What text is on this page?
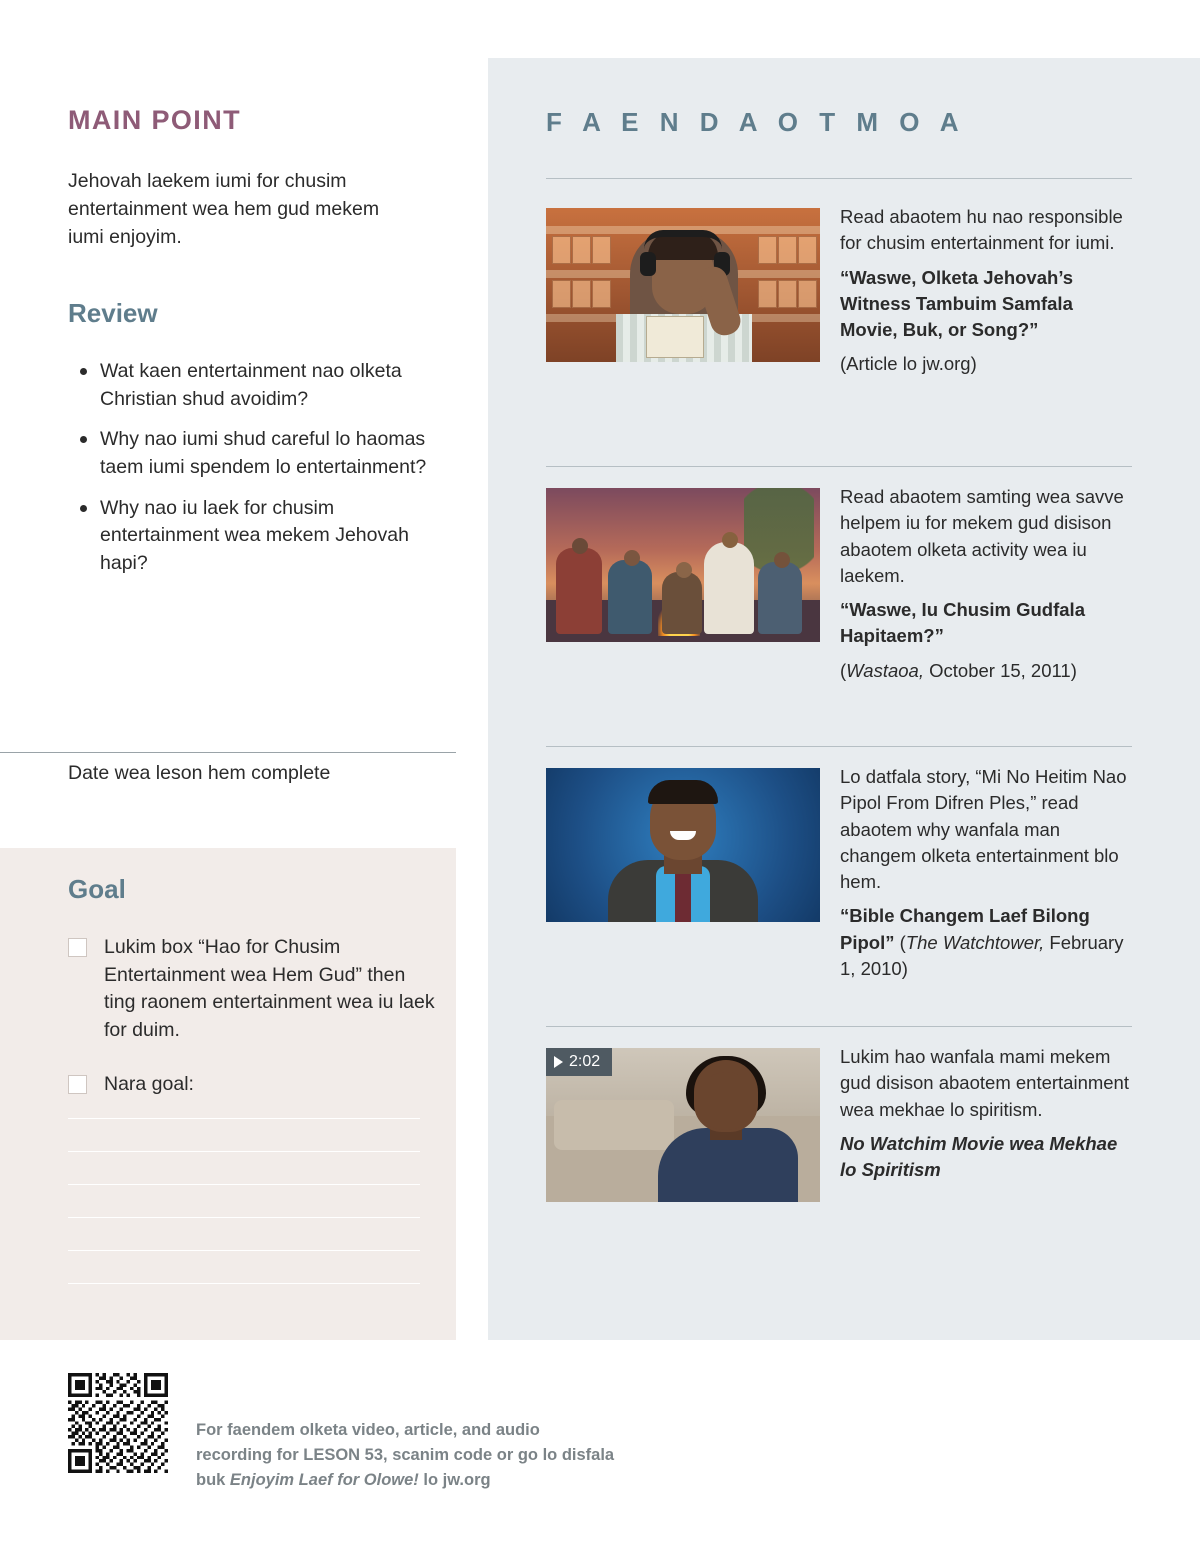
MAIN POINT
Jehovah laekem iumi for chusim entertainment wea hem gud mekem iumi enjoyim.
Review
Wat kaen entertainment nao olketa Christian shud avoidim?
Why nao iumi shud careful lo haomas taem iumi spendem lo entertainment?
Why nao iu laek for chusim entertainment wea mekem Jehovah hapi?
Date wea leson hem complete
Goal
Lukim box “Hao for Chusim Entertainment wea Hem Gud” then ting raonem entertainment wea iu laek for duim.
Nara goal:
For faendem olketa video, article, and audio recording for LESON 53, scanim code or go lo disfala buk Enjoyim Laef for Olowe! lo jw.org
F A E N D A O T M O A

Read abaotem hu nao responsible for chusim entertainment for iumi.

“Waswe, Olketa Jehovah’s Witness Tambuim Samfala Movie, Buk, or Song?”

(Article lo jw.org)

Read abaotem samting wea savve helpem iu for mekem gud disison abaotem olketa activity wea iu laekem.

“Waswe, Iu Chusim Gudfala Hapitaem?”

(Wastaoa, October 15, 2011)

Lo datfala story, “Mi No Heitim Nao Pipol From Difren Ples,” read abaotem why wanfala man changem olketa entertainment blo hem.

“Bible Changem Laef Bilong Pipol” (The Watchtower, February 1, 2010)

2:02	Lukim hao wanfala mami mekem gud disison abaotem entertainment wea mekhae lo spiritism.

No Watchim Movie wea Mekhae lo Spiritism
